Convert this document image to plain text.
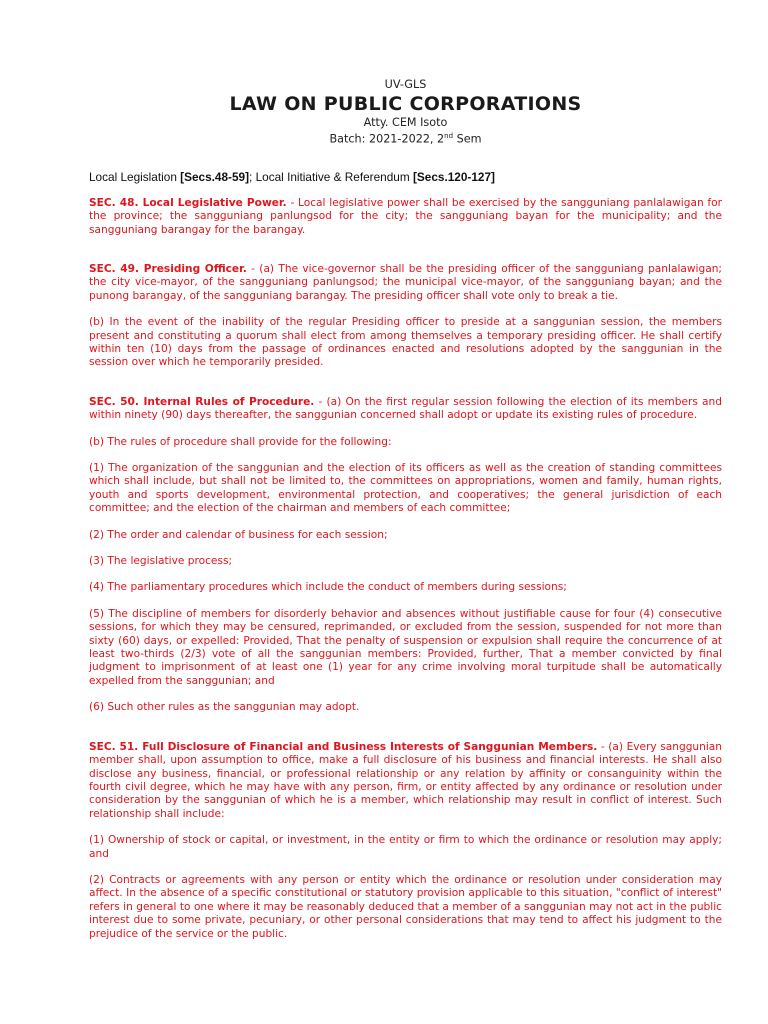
UV-GLS
LAW ON PUBLIC CORPORATIONS
Atty. CEM Isoto
Batch: 2021-2022, 2nd Sem
Local Legislation [Secs.48-59]; Local Initiative & Referendum [Secs.120-127]

SEC. 48. Local Legislative Power. - Local legislative power shall be exercised by the sangguniang panlalawigan for the province; the sangguniang panlungsod for the city; the sangguniang bayan for the municipality; and the sangguniang barangay for the barangay.

SEC. 49. Presiding Officer. - (a) The vice-governor shall be the presiding officer of the sangguniang panlalawigan; the city vice-mayor, of the sangguniang panlungsod; the municipal vice-mayor, of the sangguniang bayan; and the punong barangay, of the sangguniang barangay. The presiding officer shall vote only to break a tie.

(b) In the event of the inability of the regular Presiding officer to preside at a sanggunian session, the members present and constituting a quorum shall elect from among themselves a temporary presiding officer. He shall certify within ten (10) days from the passage of ordinances enacted and resolutions adopted by the sanggunian in the session over which he temporarily presided.

SEC. 50. Internal Rules of Procedure. - (a) On the first regular session following the election of its members and within ninety (90) days thereafter, the sanggunian concerned shall adopt or update its existing rules of procedure.

(b) The rules of procedure shall provide for the following:

(1) The organization of the sanggunian and the election of its officers as well as the creation of standing committees which shall include, but shall not be limited to, the committees on appropriations, women and family, human rights, youth and sports development, environmental protection, and cooperatives; the general jurisdiction of each committee; and the election of the chairman and members of each committee;

(2) The order and calendar of business for each session;

(3) The legislative process;

(4) The parliamentary procedures which include the conduct of members during sessions;

(5) The discipline of members for disorderly behavior and absences without justifiable cause for four (4) consecutive sessions, for which they may be censured, reprimanded, or excluded from the session, suspended for not more than sixty (60) days, or expelled: Provided, That the penalty of suspension or expulsion shall require the concurrence of at least two-thirds (2/3) vote of all the sanggunian members: Provided, further, That a member convicted by final judgment to imprisonment of at least one (1) year for any crime involving moral turpitude shall be automatically expelled from the sanggunian; and

(6) Such other rules as the sanggunian may adopt.

SEC. 51. Full Disclosure of Financial and Business Interests of Sanggunian Members. - (a) Every sanggunian member shall, upon assumption to office, make a full disclosure of his business and financial interests. He shall also disclose any business, financial, or professional relationship or any relation by affinity or consanguinity within the fourth civil degree, which he may have with any person, firm, or entity affected by any ordinance or resolution under consideration by the sanggunian of which he is a member, which relationship may result in conflict of interest. Such relationship shall include:

(1) Ownership of stock or capital, or investment, in the entity or firm to which the ordinance or resolution may apply; and

(2) Contracts or agreements with any person or entity which the ordinance or resolution under consideration may affect. In the absence of a specific constitutional or statutory provision applicable to this situation, "conflict of interest" refers in general to one where it may be reasonably deduced that a member of a sanggunian may not act in the public interest due to some private, pecuniary, or other personal considerations that may tend to affect his judgment to the prejudice of the service or the public.
